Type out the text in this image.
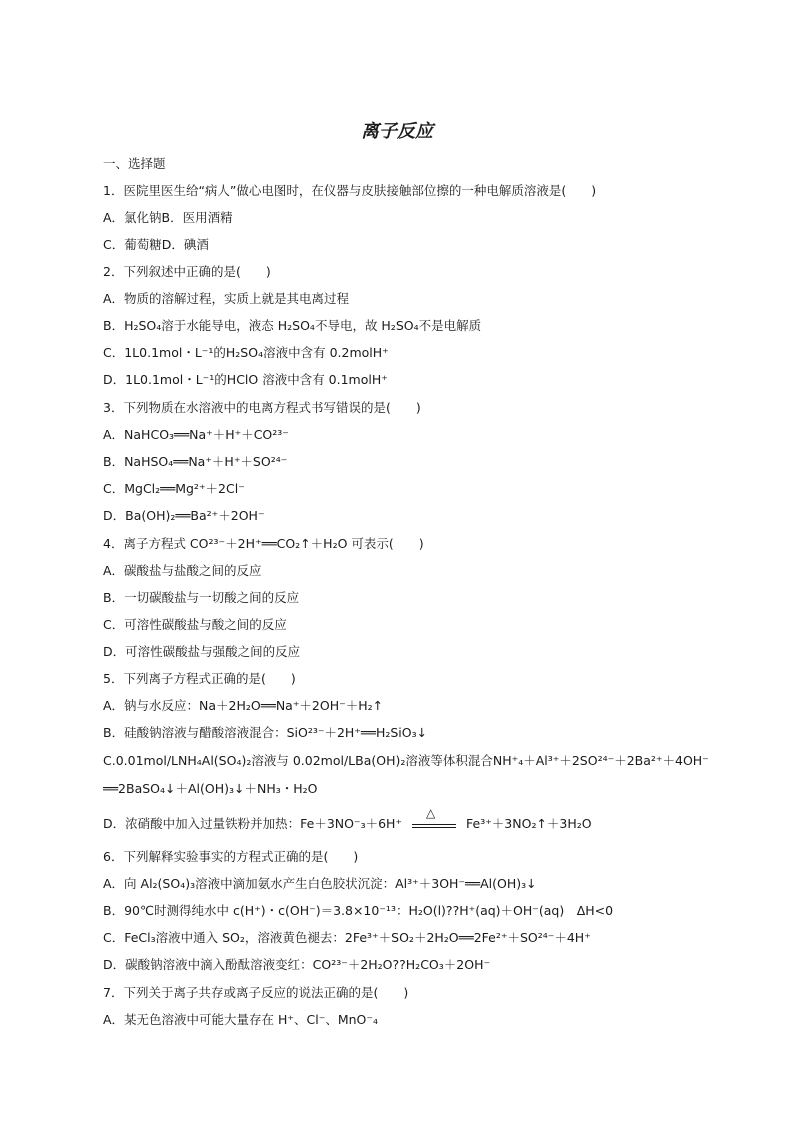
离子反应
一、选择题
1．医院里医生给“病人”做心电图时，在仪器与皮肤接触部位擦的一种电解质溶液是(　　)
A．氯化钠B．医用酒精
C．葡萄糖D．碘酒
2．下列叙述中正确的是(　　)
A．物质的溶解过程，实质上就是其电离过程
B．H₂SO₄溶于水能导电，液态 H₂SO₄不导电，故 H₂SO₄不是电解质
C．1L0.1mol・L⁻¹的H₂SO₄溶液中含有 0.2molH⁺
D．1L0.1mol・L⁻¹的HClO 溶液中含有 0.1molH⁺
3．下列物质在水溶液中的电离方程式书写错误的是(　　)
A．NaHCO₃══Na⁺＋H⁺＋CO²³⁻
B．NaHSO₄══Na⁺＋H⁺＋SO²⁴⁻
C．MgCl₂══Mg²⁺＋2Cl⁻
D．Ba(OH)₂══Ba²⁺＋2OH⁻
4．离子方程式 CO²³⁻＋2H⁺══CO₂↑＋H₂O 可表示(　　)
A．碳酸盐与盐酸之间的反应
B．一切碳酸盐与一切酸之间的反应
C．可溶性碳酸盐与酸之间的反应
D．可溶性碳酸盐与强酸之间的反应
5．下列离子方程式正确的是(　　)
A．钠与水反应：Na＋2H₂O══Na⁺＋2OH⁻＋H₂↑
B．硅酸钠溶液与醋酸溶液混合：SiO²³⁻＋2H⁺══H₂SiO₃↓
C.0.01mol/LNH₄Al(SO₄)₂溶液与 0.02mol/LBa(OH)₂溶液等体积混合NH⁺₄＋Al³⁺＋2SO²⁴⁻＋2Ba²⁺＋4OH⁻
══2BaSO₄↓＋Al(OH)₃↓＋NH₃・H₂O
D．浓硝酸中加入过量铁粉并加热：Fe＋3NO⁻₃＋6H⁺
△
Fe³⁺＋3NO₂↑＋3H₂O
6．下列解释实验事实的方程式正确的是(　　)
A．向 Al₂(SO₄)₃溶液中滴加氨水产生白色胶状沉淀：Al³⁺＋3OH⁻══Al(OH)₃↓
B．90℃时测得纯水中 c(H⁺)・c(OH⁻)＝3.8×10⁻¹³：H₂O(l)??H⁺(aq)＋OH⁻(aq)　ΔH<0
C．FeCl₃溶液中通入 SO₂，溶液黄色褪去：2Fe³⁺＋SO₂＋2H₂O══2Fe²⁺＋SO²⁴⁻＋4H⁺
D．碳酸钠溶液中滴入酚酞溶液变红：CO²³⁻＋2H₂O??H₂CO₃＋2OH⁻
7．下列关于离子共存或离子反应的说法正确的是(　　)
A．某无色溶液中可能大量存在 H⁺、Cl⁻、MnO⁻₄
